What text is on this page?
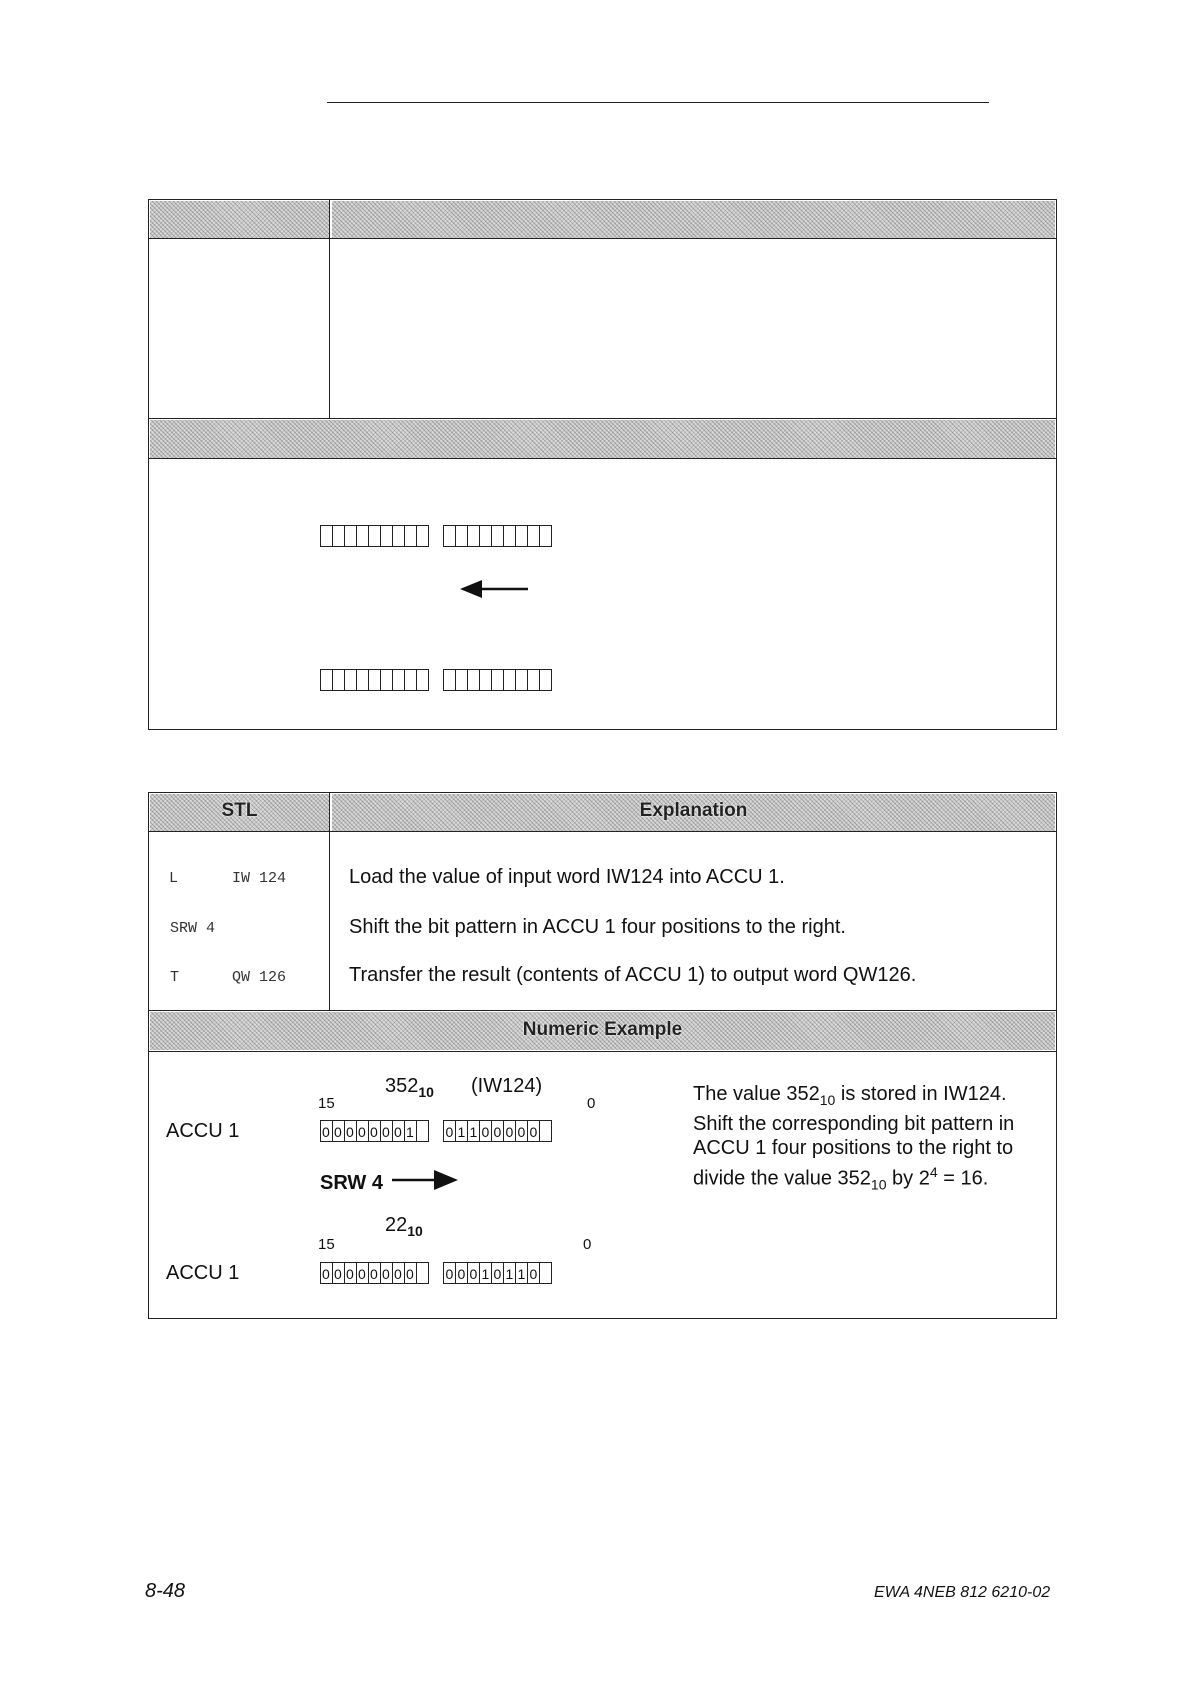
STL	Explanation
L	IW 124	Load the value of input word IW124 into ACCU 1.
SRW 4	Shift the bit pattern in ACCU 1 four positions to the right.
T	QW 126	Transfer the result (contents of ACCU 1) to output word QW126.
Numeric Example
$352_{10}$ (IW124)
15	0
ACCU 1	0 0 0 0 0 0 0 1
0 1 1 0 0 0 0 0
SRW 4
$22_{10}$
15	0
ACCU 1	0 0 0 0 0 0 0 0
0 0 0 1 0 1 1 0
The value $352_{10}$ is stored in IW124. Shift the corresponding bit pattern in ACCU 1 four positions to the right to divide the value $352_{10}$ by $2^4 = 16$.
8-48	EWA 4NEB 812 6210-02
